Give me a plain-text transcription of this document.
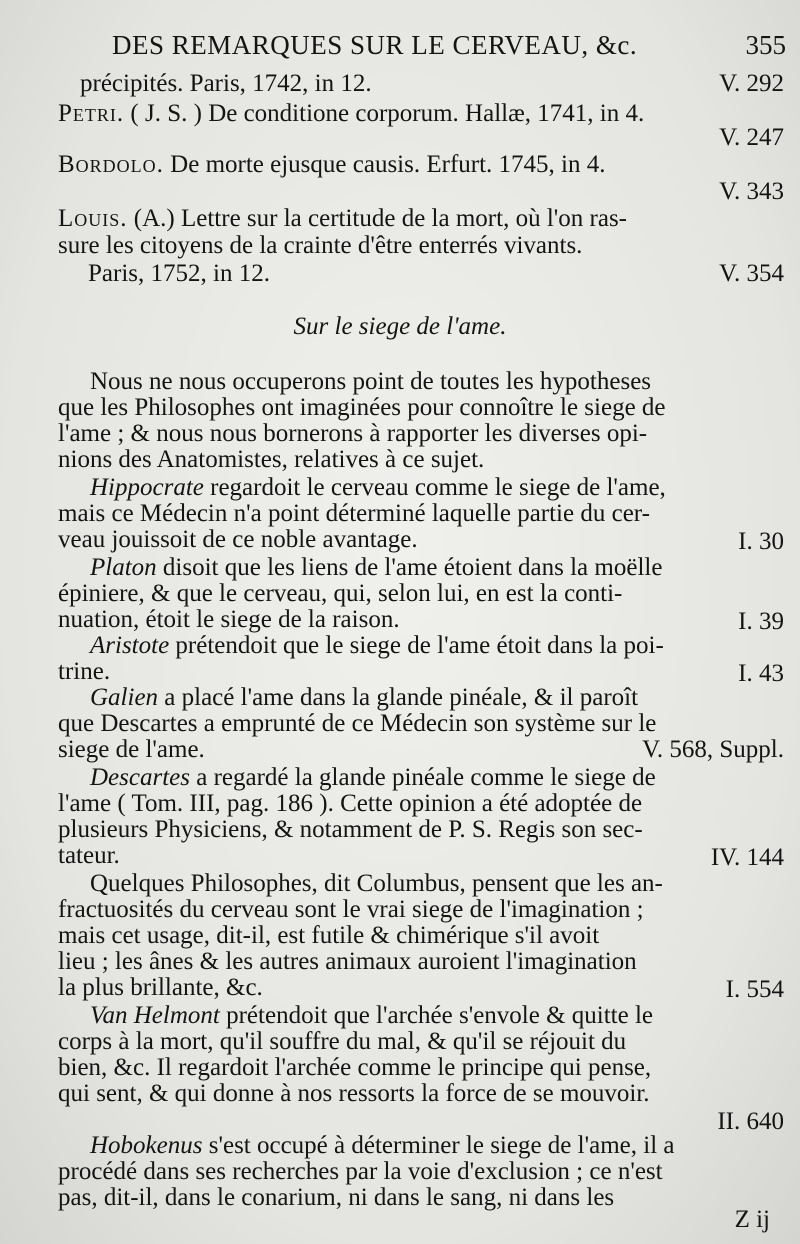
DES REMARQUES SUR LE CERVEAU, &c.	355
précipités. Paris, 1742, in 12.	V. 292
Petri. ( J. S. ) De conditione corporum. Hallæ, 1741, in 4.
V. 247
Bordolo. De morte ejusque causis. Erfurt. 1745, in 4.
V. 343
Louis. (A.) Lettre sur la certitude de la mort, où l'on ras-
sure les citoyens de la crainte d'être enterrés vivants.
Paris, 1752, in 12.	V. 354
Sur le siege de l'ame.
Nous ne nous occuperons point de toutes les hypotheses
que les Philosophes ont imaginées pour connoître le siege de
l'ame ; & nous nous bornerons à rapporter les diverses opi-
nions des Anatomistes, relatives à ce sujet.
Hippocrate regardoit le cerveau comme le siege de l'ame,
mais ce Médecin n'a point déterminé laquelle partie du cer-
veau jouissoit de ce noble avantage.	I. 30
Platon disoit que les liens de l'ame étoient dans la moëlle
épiniere, & que le cerveau, qui, selon lui, en est la conti-
nuation, étoit le siege de la raison.	I. 39
Aristote prétendoit que le siege de l'ame étoit dans la poi-
trine.	I. 43
Galien a placé l'ame dans la glande pinéale, & il paroît
que Descartes a emprunté de ce Médecin son système sur le
siege de l'ame.	V. 568, Suppl.
Descartes a regardé la glande pinéale comme le siege de
l'ame ( Tom. III, pag. 186 ). Cette opinion a été adoptée de
plusieurs Physiciens, & notamment de P. S. Regis son sec-
tateur.	IV. 144
Quelques Philosophes, dit Columbus, pensent que les an-
fractuosités du cerveau sont le vrai siege de l'imagination ;
mais cet usage, dit-il, est futile & chimérique s'il avoit
lieu ; les ânes & les autres animaux auroient l'imagination
la plus brillante, &c.	I. 554
Van Helmont prétendoit que l'archée s'envole & quitte le
corps à la mort, qu'il souffre du mal, & qu'il se réjouit du
bien, &c. Il regardoit l'archée comme le principe qui pense,
qui sent, & qui donne à nos ressorts la force de se mouvoir.
II. 640
Hobokenus s'est occupé à déterminer le siege de l'ame, il a
procédé dans ses recherches par la voie d'exclusion ; ce n'est
pas, dit-il, dans le conarium, ni dans le sang, ni dans les
Z ij
